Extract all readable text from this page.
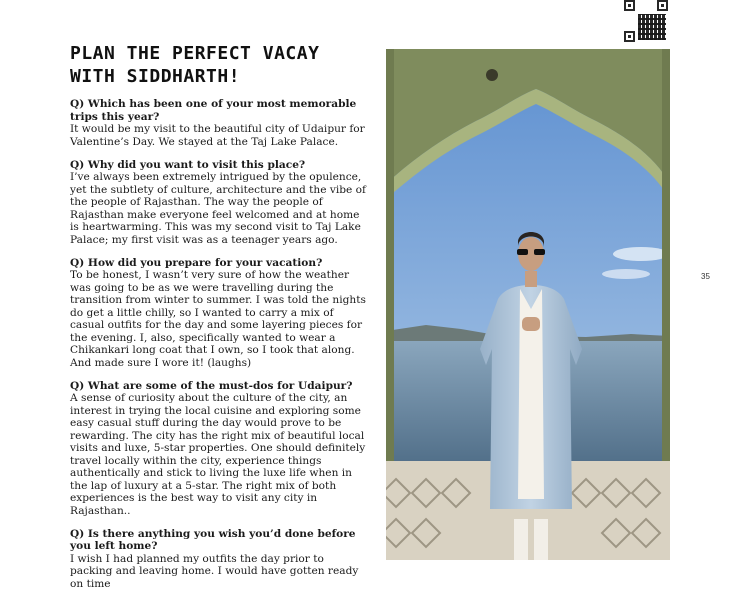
PLAN THE PERFECT VACAY
WITH SIDDHARTH!

Q) Which has been one of your most memorable trips this year?

It would be my visit to the beautiful city of Udaipur for Valentine’s Day. We stayed at the Taj Lake Palace.

Q) Why did you want to visit this place?

I’ve always been extremely intrigued by the opulence, yet the subtlety of culture, architecture and the vibe of the people of Rajasthan. The way the people of Rajasthan make everyone feel welcomed and at home is heartwarming. This was my second visit to Taj Lake Palace; my first visit was as a teenager years ago.

Q) How did you prepare for your vacation?

To be honest, I wasn’t very sure of how the weather was going to be as we were travelling during the transition from winter to summer. I was told the nights do get a little chilly, so I wanted to carry a mix of casual outfits for the day and some layering pieces for the evening. I, also, specifically wanted to wear a Chikankari long coat that I own, so I took that along. And made sure I wore it! (laughs)

Q) What are some of the must-dos for Udaipur?

A sense of curiosity about the culture of the city, an interest in trying the local cuisine and exploring some easy casual stuff during the day would prove to be rewarding. The city has the right mix of beautiful local visits and luxe, 5-star properties. One should definitely travel locally within the city, experience things authentically and stick to living the luxe life when in the lap of luxury at a 5-star. The right mix of both experiences is the best way to visit any city in Rajasthan..

Q) Is there anything you wish you’d done before you left home?

I wish I had planned my outfits the day prior to packing and leaving home. I would have gotten ready on time

35
